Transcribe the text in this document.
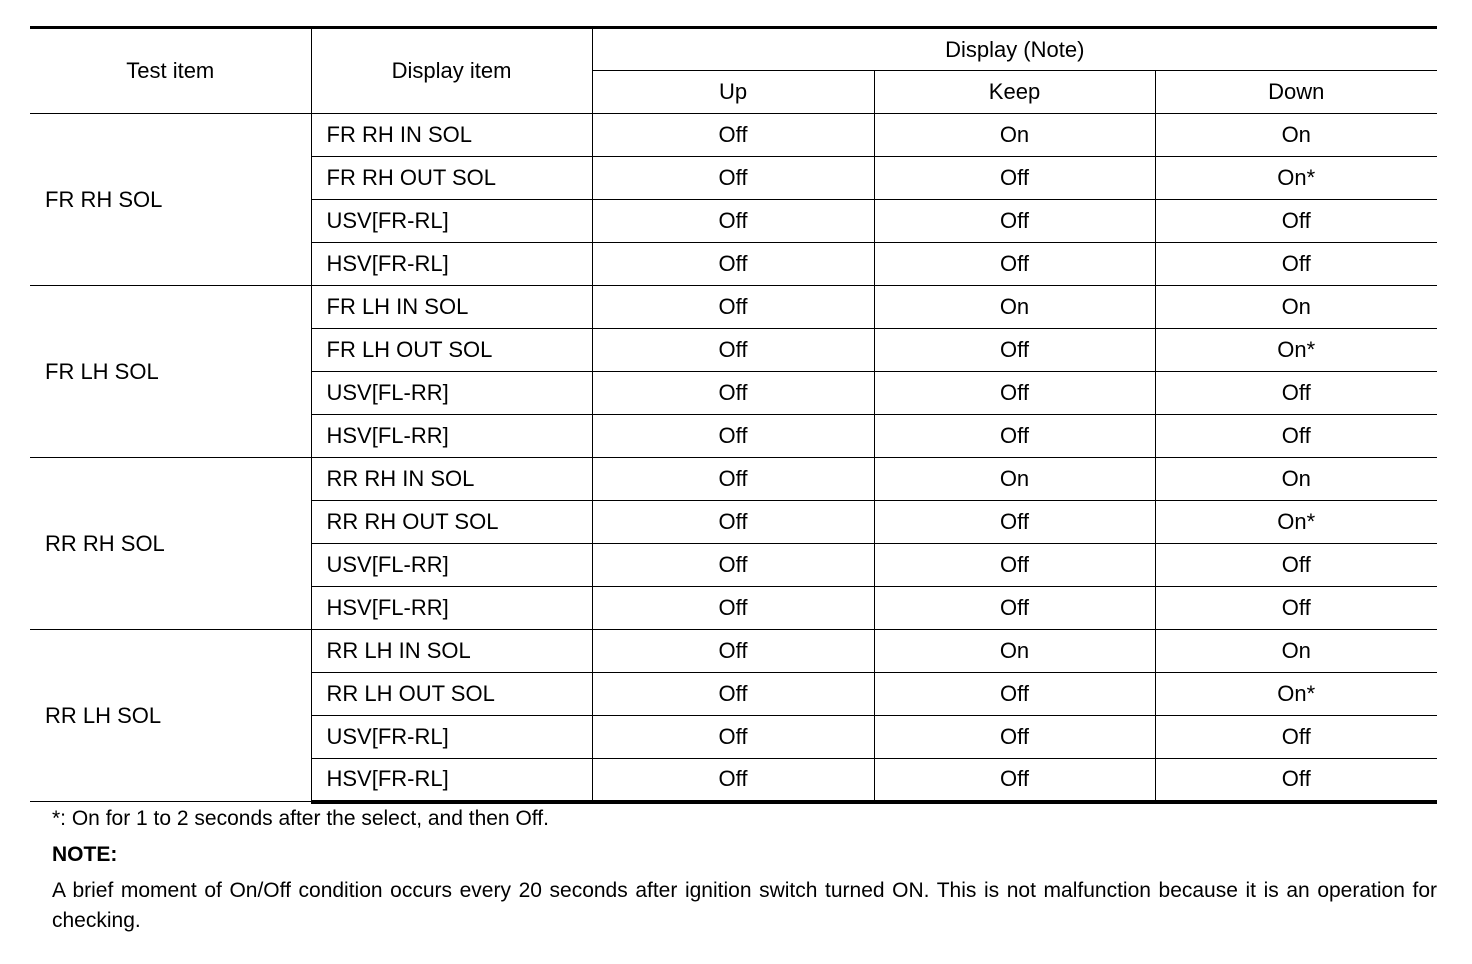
Test item	Display item	Display (Note)		
		Up	Keep	Down
FR RH SOL	FR RH IN SOL	Off	On	On
	FR RH OUT SOL	Off	Off	On*
	USV[FR-RL]	Off	Off	Off
	HSV[FR-RL]	Off	Off	Off
FR LH SOL	FR LH IN SOL	Off	On	On
	FR LH OUT SOL	Off	Off	On*
	USV[FL-RR]	Off	Off	Off
	HSV[FL-RR]	Off	Off	Off
RR RH SOL	RR RH IN SOL	Off	On	On
	RR RH OUT SOL	Off	Off	On*
	USV[FL-RR]	Off	Off	Off
	HSV[FL-RR]	Off	Off	Off
RR LH SOL	RR LH IN SOL	Off	On	On
	RR LH OUT SOL	Off	Off	On*
	USV[FR-RL]	Off	Off	Off
	HSV[FR-RL]	Off	Off	Off

*: On for 1 to 2 seconds after the select, and then Off.

NOTE:

A brief moment of On/Off condition occurs every 20 seconds after ignition switch turned ON. This is not malfunction because it is an operation for checking.
